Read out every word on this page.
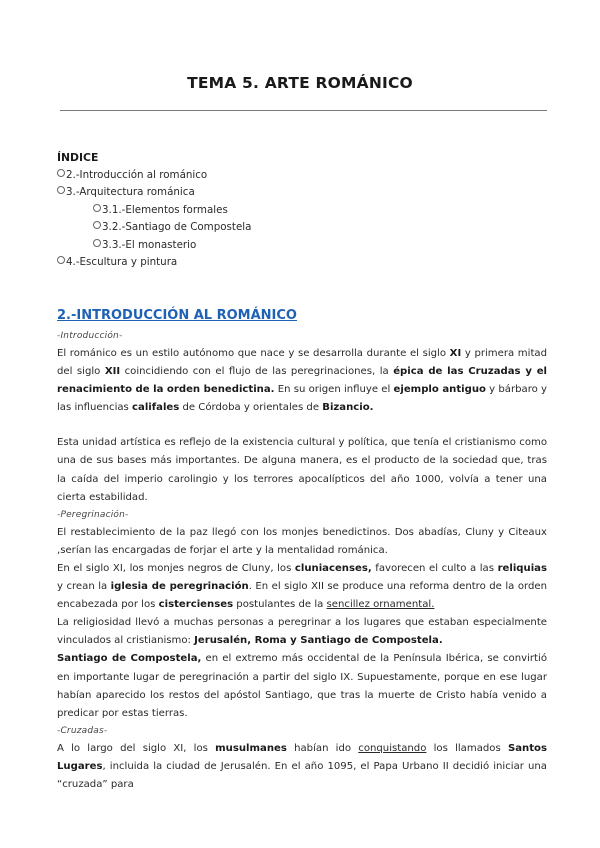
TEMA 5. ARTE ROMÁNICO
ÍNDICE
2.-Introducción al románico
3.-Arquitectura románica
3.1.-Elementos formales
3.2.-Santiago de Compostela
3.3.-El monasterio
4.-Escultura y pintura
2.-INTRODUCCIÓN AL ROMÁNICO
-Introducción-

El románico es un estilo autónomo que nace y se desarrolla durante el siglo XI y primera mitad del siglo XII coincidiendo con el flujo de las peregrinaciones, la épica de las Cruzadas y el renacimiento de la orden benedictina. En su origen influye el ejemplo antiguo y bárbaro y las influencias califales de Córdoba y orientales de Bizancio.

Esta unidad artística es reflejo de la existencia cultural y política, que tenía el cristianismo como una de sus bases más importantes. De alguna manera, es el producto de la sociedad que, tras la caída del imperio carolingio y los terrores apocalípticos del año 1000, volvía a tener una cierta estabilidad.

-Peregrinación-

El restablecimiento de la paz llegó con los monjes benedictinos. Dos abadías, Cluny y Citeaux ,serían las encargadas de forjar el arte y la mentalidad románica.

En el siglo XI, los monjes negros de Cluny, los cluniacenses, favorecen el culto a las reliquias y crean la iglesia de peregrinación. En el siglo XII se produce una reforma dentro de la orden encabezada por los cistercienses postulantes de la sencillez ornamental.

La religiosidad llevó a muchas personas a peregrinar a los lugares que estaban especialmente vinculados al cristianismo: Jerusalén, Roma y Santiago de Compostela.

Santiago de Compostela, en el extremo más occidental de la Península Ibérica, se convirtió en importante lugar de peregrinación a partir del siglo IX. Supuestamente, porque en ese lugar habían aparecido los restos del apóstol Santiago, que tras la muerte de Cristo había venido a predicar por estas tierras.

-Cruzadas-

A lo largo del siglo XI, los musulmanes habían ido conquistando los llamados Santos Lugares, incluida la ciudad de Jerusalén. En el año 1095, el Papa Urbano II decidió iniciar una “cruzada” para
